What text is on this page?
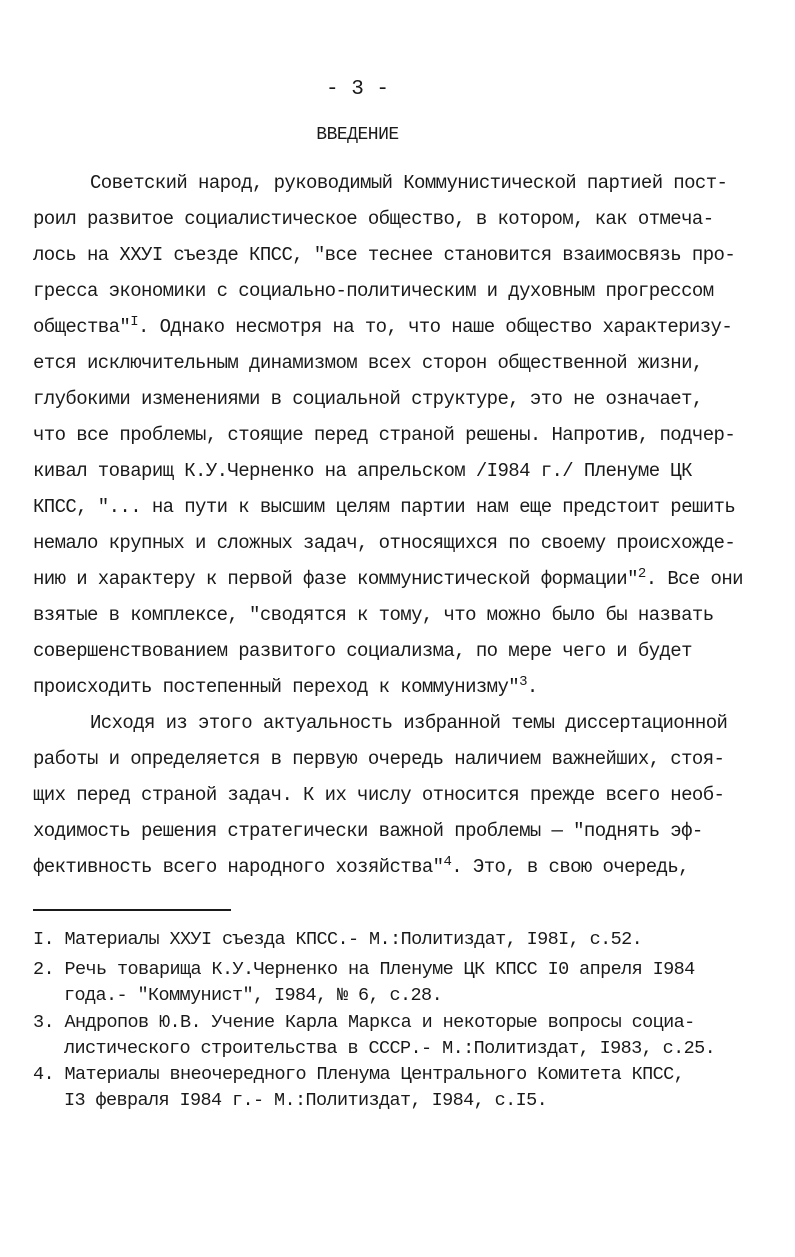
- 3 -
ВВЕДЕНИЕ
Советский народ, руководимый Коммунистической партией пост-
роил развитое социалистическое общество, в котором, как отмеча-
лось на ХХУI съезде КПСС, "все теснее становится взаимосвязь про-
гресса экономики с социально-политическим и духовным прогрессом
общества"$^I$. Однако несмотря на то, что наше общество характеризу-
ется исключительным динамизмом всех сторон общественной жизни,
глубокими изменениями в социальной структуре, это не означает,
что все проблемы, стоящие перед страной решены. Напротив, подчер-
кивал товарищ К.У.Черненко на апрельском /I984 г./ Пленуме ЦК
КПСС, "... на пути к высшим целям партии нам еще предстоит решить
немало крупных и сложных задач, относящихся по своему происхожде-
нию и характеру к первой фазе коммунистической формации"$^2$. Все они
взятые в комплексе, "сводятся к тому, что можно было бы назвать
совершенствованием развитого социализма, по мере чего и будет
происходить постепенный переход к коммунизму"$^3$.
Исходя из этого актуальность избранной темы диссертационной
работы и определяется в первую очередь наличием важнейших, стоя-
щих перед страной задач. К их числу относится прежде всего необ-
ходимость решения стратегически важной проблемы — "поднять эф-
фективность всего народного хозяйства"$^4$. Это, в свою очередь,
I. Материалы ХХУI съезда КПСС.- М.:Политиздат, I98I, с.52.
2. Речь товарища К.У.Черненко на Пленуме ЦК КПСС I0 апреля I984
года.- "Коммунист", I984, № 6, с.28.
3. Андропов Ю.В. Учение Карла Маркса и некоторые вопросы социа-
листического строительства в СССР.- М.:Политиздат, I983, с.25.
4. Материалы внеочередного Пленума Центрального Комитета КПСС,
I3 февраля I984 г.- М.:Политиздат, I984, с.I5.
